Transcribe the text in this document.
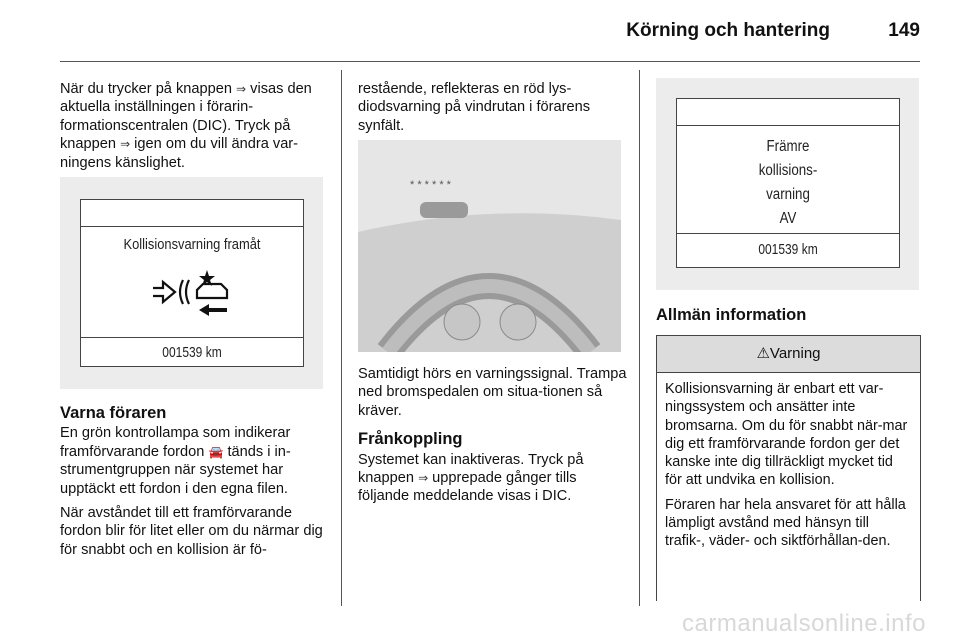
Körning och hantering	149

När du trycker på knappen ⇒ visas den aktuella inställningen i förarin-formationscentralen (DIC). Tryck på knappen ⇒ igen om du vill ändra var-ningens känslighet.

Kollisionsvarning framåt
001539 km
Varna föraren

En grön kontrollampa som indikerar framförvarande fordon 🚘 tänds i in-strumentgruppen när systemet har upptäckt ett fordon i den egna filen.

När avståndet till ett framförvarande fordon blir för litet eller om du närmar dig för snabbt och en kollision är fö-

restående, reflekteras en röd lys-diodsvarning på vindrutan i förarens synfält.

* * * * * *

Samtidigt hörs en varningssignal. Trampa ned bromspedalen om situa-tionen så kräver.

Frånkoppling

Systemet kan inaktiveras. Tryck på knappen ⇒ upprepade gånger tills följande meddelande visas i DIC.

Främre
kollisions-
varning
AV
001539 km
Allmän information
⚠Varning

Kollisionsvarning är enbart ett var-ningssystem och ansätter inte bromsarna. Om du för snabbt när-mar dig ett framförvarande fordon ger det kanske inte dig tillräckligt mycket tid för att undvika en kollision.

Föraren har hela ansvaret för att hålla lämpligt avstånd med hänsyn till trafik-, väder- och siktförhållan-den.

carmanualsonline.info
